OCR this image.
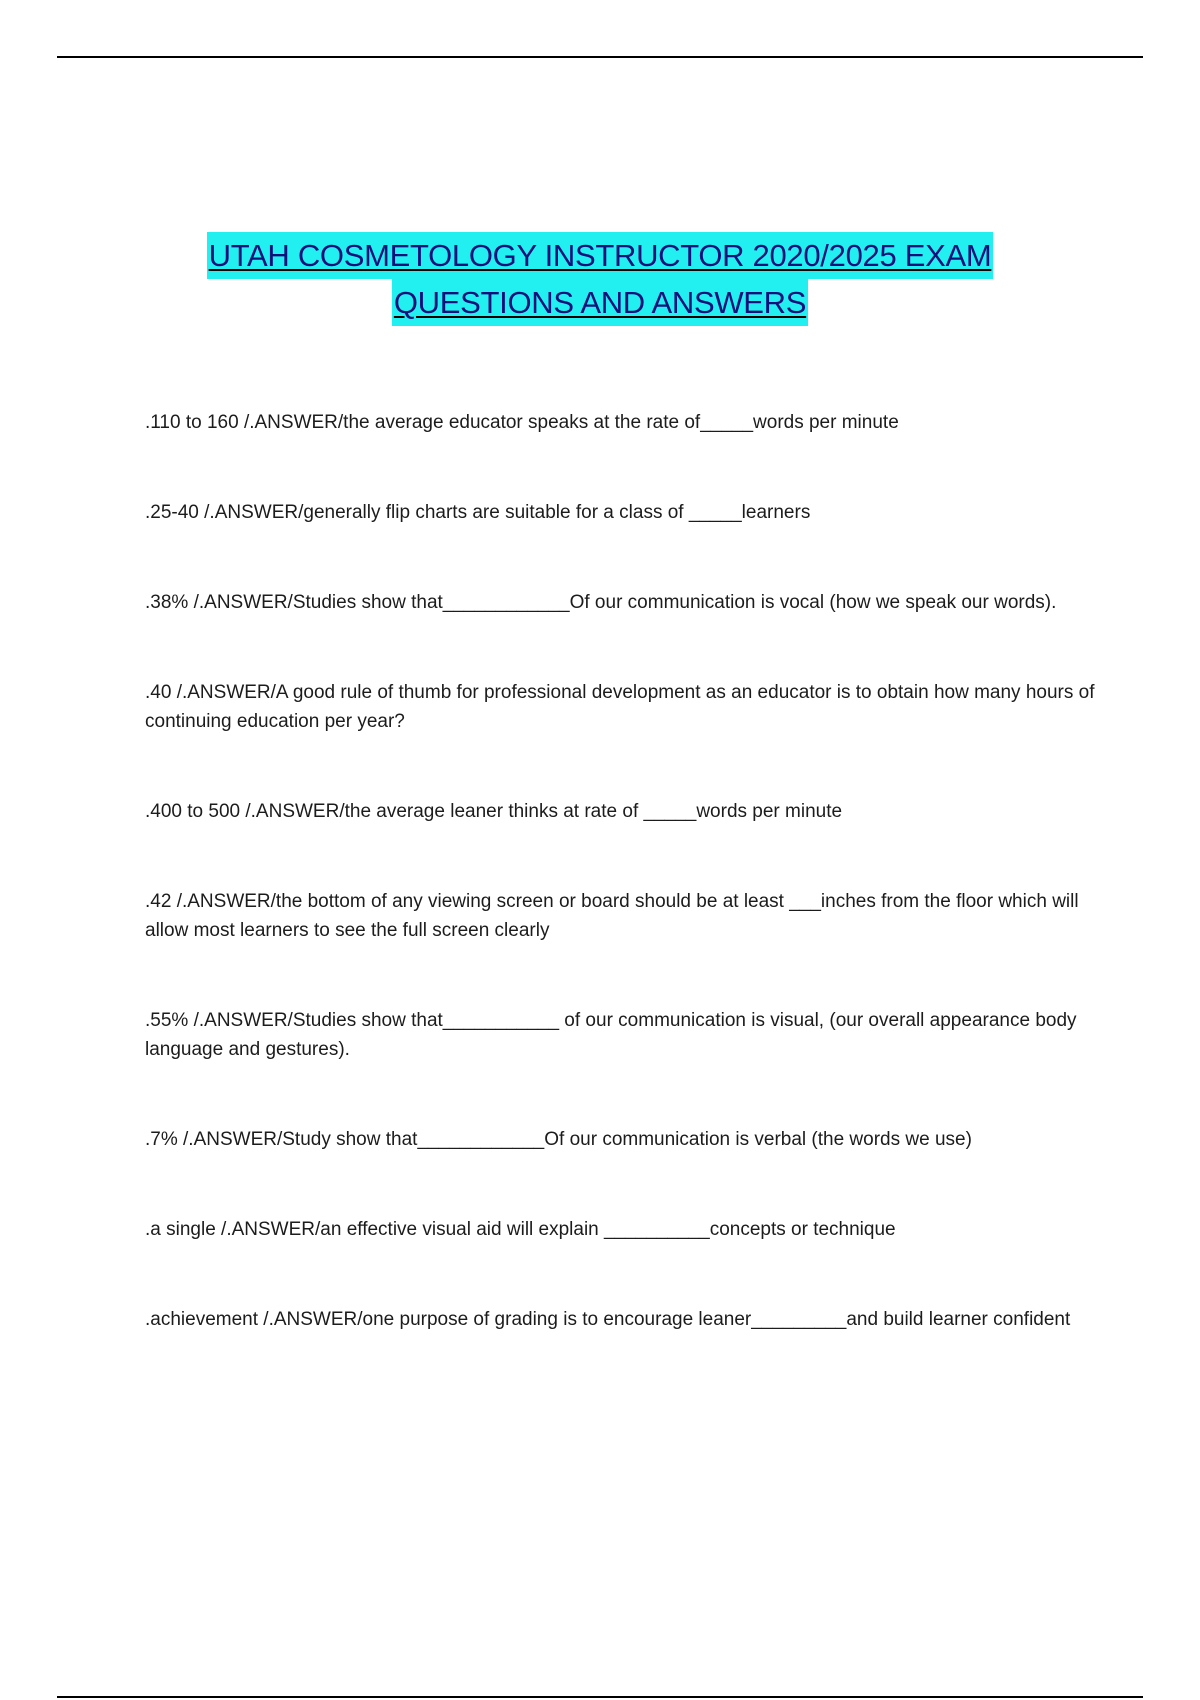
UTAH COSMETOLOGY INSTRUCTOR 2020/2025 EXAM
QUESTIONS AND ANSWERS

.110 to 160 /.ANSWER/the average educator speaks at the rate of_____words per minute

.25-40 /.ANSWER/generally flip charts are suitable for a class of _____learners

.38% /.ANSWER/Studies show that____________Of our communication is vocal (how we speak our words).

.40 /.ANSWER/A good rule of thumb for professional development as an educator is to obtain how many hours of continuing education per year?

.400 to 500 /.ANSWER/the average leaner thinks at rate of _____words per minute

.42 /.ANSWER/the bottom of any viewing screen or board should be at least ___inches from the floor which will allow most learners to see the full screen clearly

.55% /.ANSWER/Studies show that___________ of our communication is visual, (our overall appearance body language and gestures).

.7% /.ANSWER/Study show that____________Of our communication is verbal (the words we use)

.a single /.ANSWER/an effective visual aid will explain __________concepts or technique

.achievement /.ANSWER/one purpose of grading is to encourage leaner_________and build learner confident
